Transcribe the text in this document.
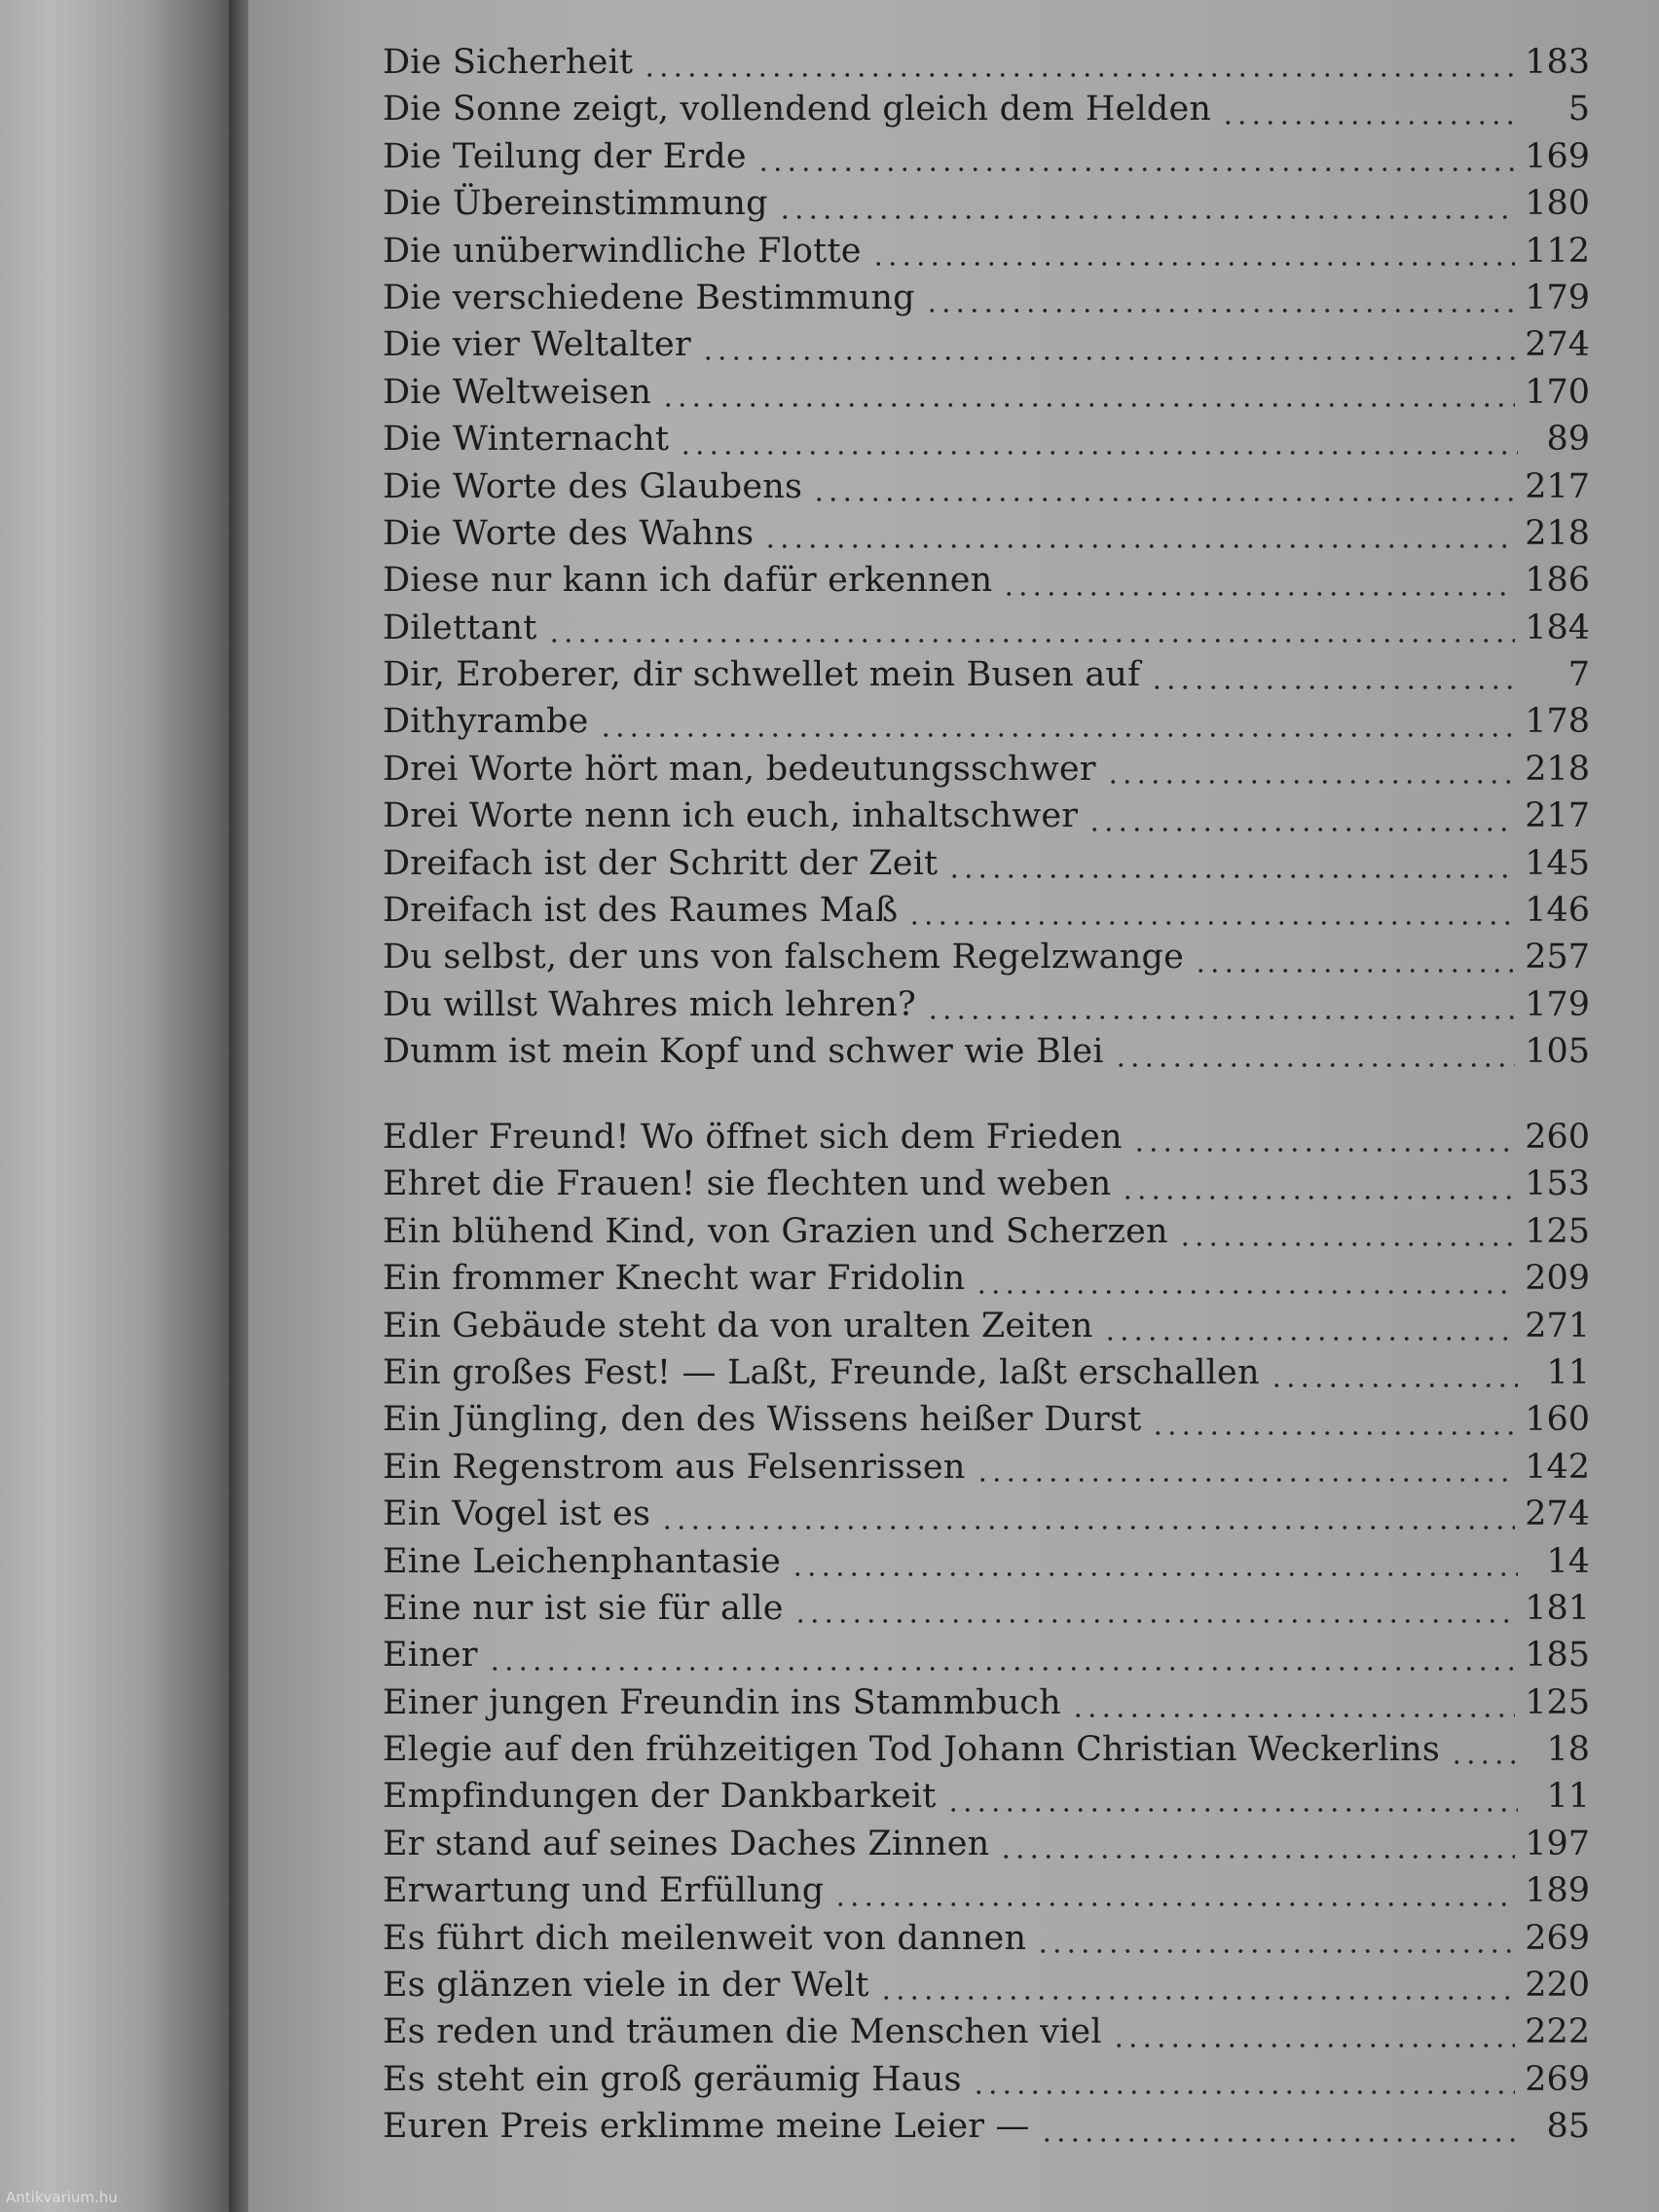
Die Sicherheit	183
Die Sonne zeigt, vollendend gleich dem Helden	5
Die Teilung der Erde	169
Die Übereinstimmung	180
Die unüberwindliche Flotte	112
Die verschiedene Bestimmung	179
Die vier Weltalter	274
Die Weltweisen	170
Die Winternacht	89
Die Worte des Glaubens	217
Die Worte des Wahns	218
Diese nur kann ich dafür erkennen	186
Dilettant	184
Dir, Eroberer, dir schwellet mein Busen auf	7
Dithyrambe	178
Drei Worte hört man, bedeutungsschwer	218
Drei Worte nenn ich euch, inhaltschwer	217
Dreifach ist der Schritt der Zeit	145
Dreifach ist des Raumes Maß	146
Du selbst, der uns von falschem Regelzwange	257
Du willst Wahres mich lehren?	179
Dumm ist mein Kopf und schwer wie Blei	105
Edler Freund! Wo öffnet sich dem Frieden	260
Ehret die Frauen! sie flechten und weben	153
Ein blühend Kind, von Grazien und Scherzen	125
Ein frommer Knecht war Fridolin	209
Ein Gebäude steht da von uralten Zeiten	271
Ein großes Fest! — Laßt, Freunde, laßt erschallen	11
Ein Jüngling, den des Wissens heißer Durst	160
Ein Regenstrom aus Felsenrissen	142
Ein Vogel ist es	274
Eine Leichenphantasie	14
Eine nur ist sie für alle	181
Einer	185
Einer jungen Freundin ins Stammbuch	125
Elegie auf den frühzeitigen Tod Johann Christian Weckerlins	18
Empfindungen der Dankbarkeit	11
Er stand auf seines Daches Zinnen	197
Erwartung und Erfüllung	189
Es führt dich meilenweit von dannen	269
Es glänzen viele in der Welt	220
Es reden und träumen die Menschen viel	222
Es steht ein groß geräumig Haus	269
Euren Preis erklimme meine Leier —	85
Antikvarium.hu
